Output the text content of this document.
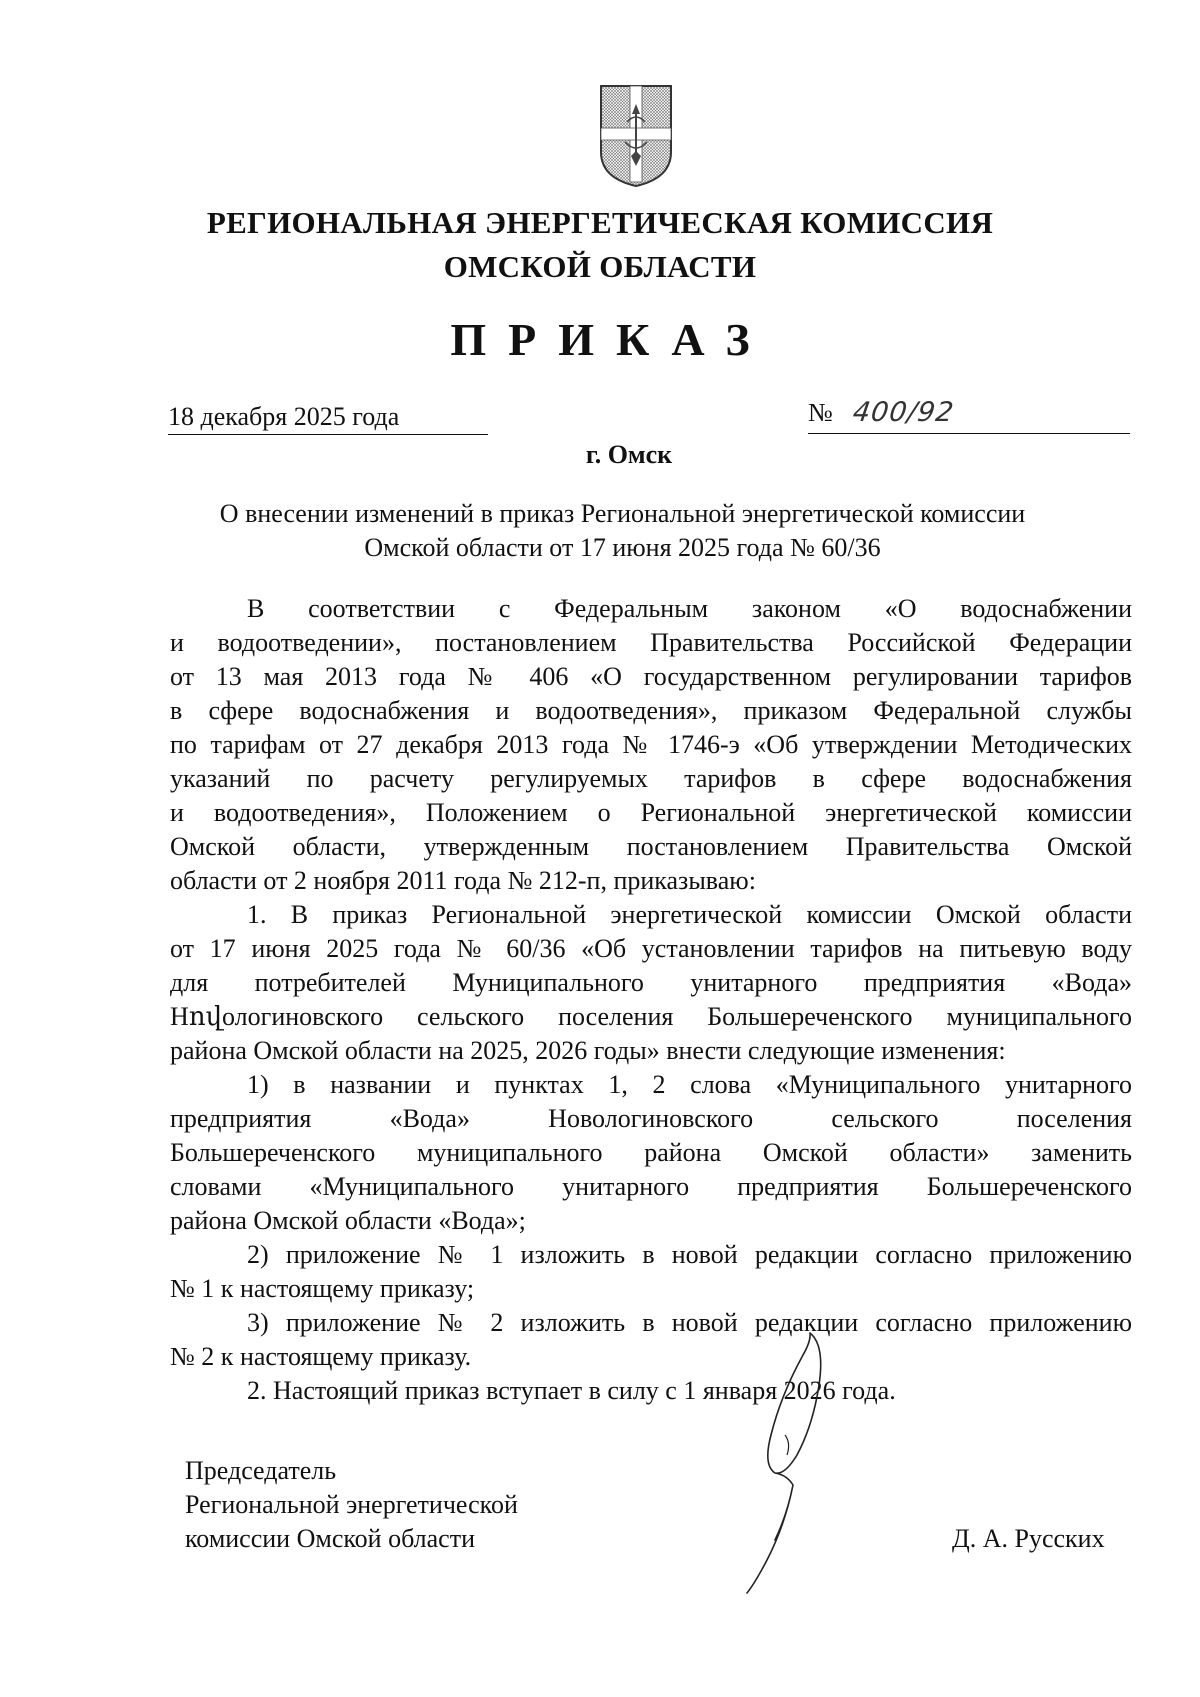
РЕГИОНАЛЬНАЯ ЭНЕРГЕТИЧЕСКАЯ КОМИССИЯ
ОМСКОЙ ОБЛАСТИ
ПРИКАЗ
18 декабря 2025 года	№ 400/92
г. Омск
О внесении изменений в приказ Региональной энергетической комиссии
Омской области от 17 июня 2025 года № 60/36
В соответствии с Федеральным законом «О водоснабжении
и водоотведении», постановлением Правительства Российской Федерации
от 13 мая 2013 года № 406 «О государственном регулировании тарифов
в сфере водоснабжения и водоотведения», приказом Федеральной службы
по тарифам от 27 декабря 2013 года № 1746-э «Об утверждении Методических
указаний по расчету регулируемых тарифов в сфере водоснабжения
и водоотведения», Положением о Региональной энергетической комиссии
Омской области, утвержденным постановлением Правительства Омской
области от 2 ноября 2011 года № 212-п, приказываю:
1. В приказ Региональной энергетической комиссии Омской области
от 17 июня 2025 года № 60/36 «Об установлении тарифов на питьевую воду
для потребителей Муниципального унитарного предприятия «Вода»
Нովологиновского сельского поселения Большереченского муниципального
района Омской области на 2025, 2026 годы» внести следующие изменения:
1) в названии и пунктах 1, 2 слова «Муниципального унитарного
предприятия «Вода» Новологиновского сельского поселения
Большереченского муниципального района Омской области» заменить
словами «Муниципального унитарного предприятия Большереченского
района Омской области «Вода»;
2) приложение № 1 изложить в новой редакции согласно приложению
№ 1 к настоящему приказу;
3) приложение № 2 изложить в новой редакции согласно приложению
№ 2 к настоящему приказу.
2. Настоящий приказ вступает в силу с 1 января 2026 года.
Председатель
Региональной энергетической
комиссии Омской области	Д. А. Русских
